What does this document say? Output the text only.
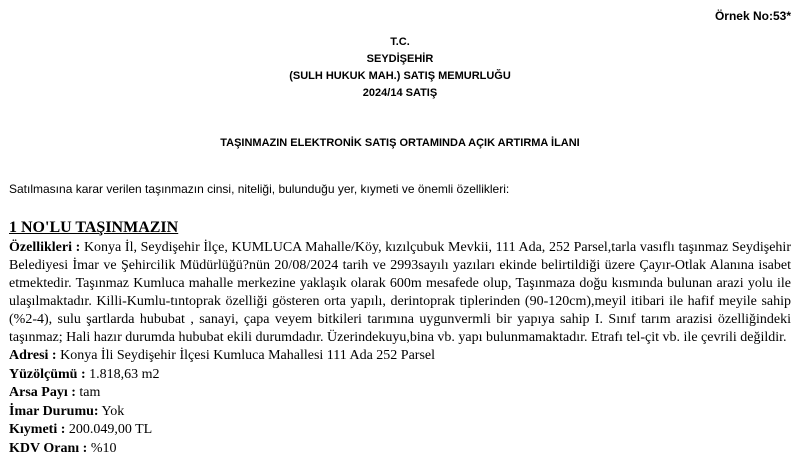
Örnek No:53*
T.C.
SEYDİŞEHİR
(SULH HUKUK MAH.) SATIŞ MEMURLUĞU
2024/14 SATIŞ
TAŞINMAZIN ELEKTRONİK SATIŞ ORTAMINDA AÇIK ARTIRMA İLANI
Satılmasına karar verilen taşınmazın cinsi, niteliği, bulunduğu yer, kıymeti ve önemli özellikleri:
1 NO'LU TAŞINMAZIN
Özellikleri : Konya İl, Seydişehir İlçe, KUMLUCA Mahalle/Köy, kızılçubuk Mevkii, 111 Ada, 252 Parsel,tarla vasıflı taşınmaz Seydişehir Belediyesi İmar ve Şehircilik Müdürlüğü?nün 20/08/2024 tarih ve 2993sayılı yazıları ekinde belirtildiği üzere Çayır-Otlak Alanına isabet etmektedir. Taşınmaz Kumluca mahalle merkezine yaklaşık olarak 600m mesafede olup, Taşınmaza doğu kısmında bulunan arazi yolu ile ulaşılmaktadır. Killi-Kumlu-tıntoprak özelliği gösteren orta yapılı, derintoprak tiplerinden (90-120cm),meyil itibari ile hafif meyile sahip (%2-4), sulu şartlarda hububat , sanayi, çapa veyem bitkileri tarımına uygunvermli bir yapıya sahip I. Sınıf tarım arazisi özelliğindeki taşınmaz; Hali hazır durumda hububat ekili durumdadır. Üzerindekuyu,bina vb. yapı bulunmamaktadır. Etrafı tel-çit vb. ile çevrili değildir.
Adresi : Konya İli Seydişehir İlçesi Kumluca Mahallesi 111 Ada 252 Parsel
Yüzölçümü : 1.818,63 m2
Arsa Payı : tam
İmar Durumu: Yok
Kıymeti : 200.049,00 TL
KDV Oranı : %10
